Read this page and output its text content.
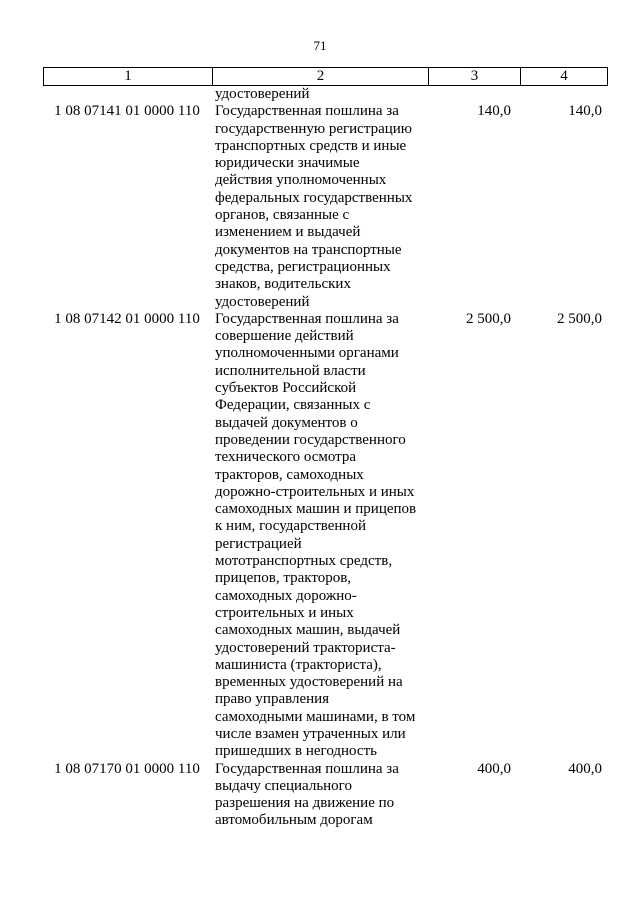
71
1	2	3	4
удостоверений
1 08 07141 01 0000 110	Государственная пошлина за
государственную регистрацию
транспортных средств и иные
юридически значимые
действия уполномоченных
федеральных государственных
органов, связанные с
изменением и выдачей
документов на транспортные
средства, регистрационных
знаков, водительских
удостоверений
140,0	140,0
1 08 07142 01 0000 110	Государственная пошлина за
совершение действий
уполномоченными органами
исполнительной власти
субъектов Российской
Федерации, связанных с
выдачей документов о
проведении государственного
технического осмотра
тракторов, самоходных
дорожно-строительных и иных
самоходных машин и прицепов
к ним, государственной
регистрацией
мототранспортных средств,
прицепов, тракторов,
самоходных дорожно-
строительных и иных
самоходных машин, выдачей
удостоверений тракториста-
машиниста (тракториста),
временных удостоверений на
право управления
самоходными машинами, в том
числе взамен утраченных или
пришедших в негодность
2 500,0	2 500,0
1 08 07170 01 0000 110	Государственная пошлина за
выдачу специального
разрешения на движение по
автомобильным дорогам
400,0	400,0
